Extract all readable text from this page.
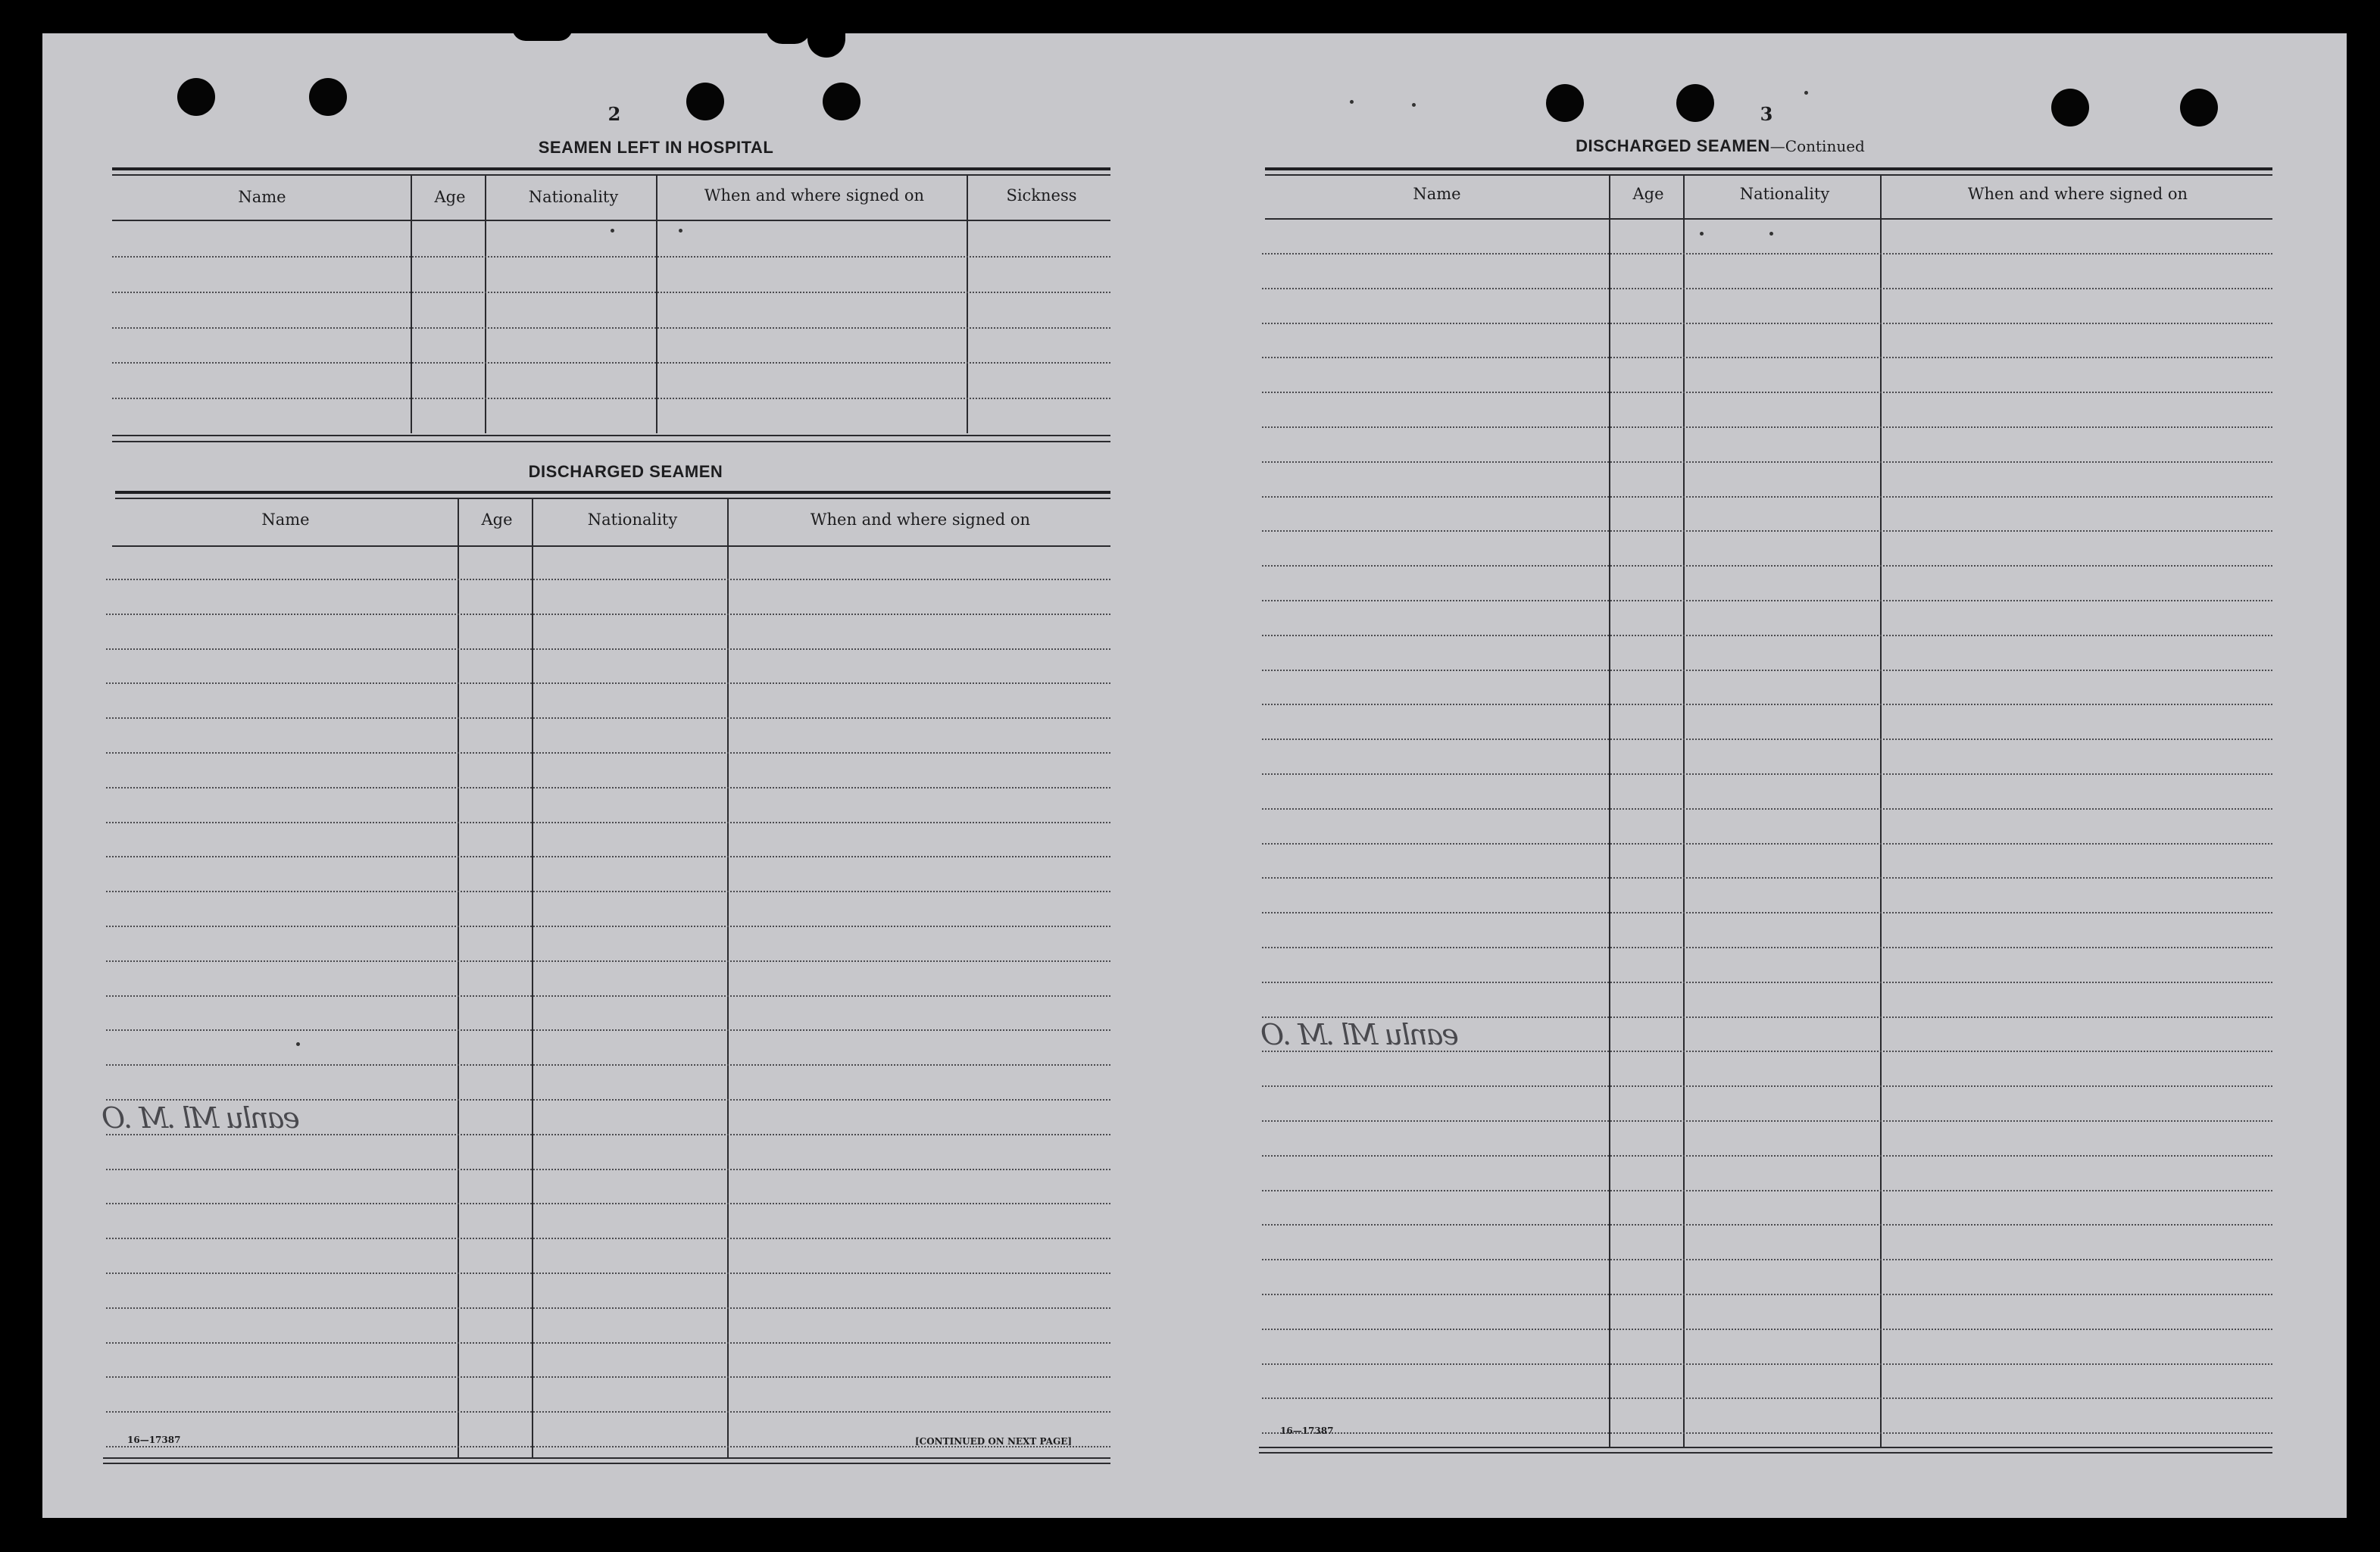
2
SEAMEN LEFT IN HOSPITAL
Name	Age	Nationality	When and where signed on	Sickness
DISCHARGED SEAMEN
Name	Age	Nationality	When and where signed on
16—17387	[CONTINUED ON NEXT PAGE]
eanlu Ml .M .O
3
DISCHARGED SEAMEN—Continued
Name	Age	Nationality	When and where signed on
16—17387
eanlu Ml .M .O
